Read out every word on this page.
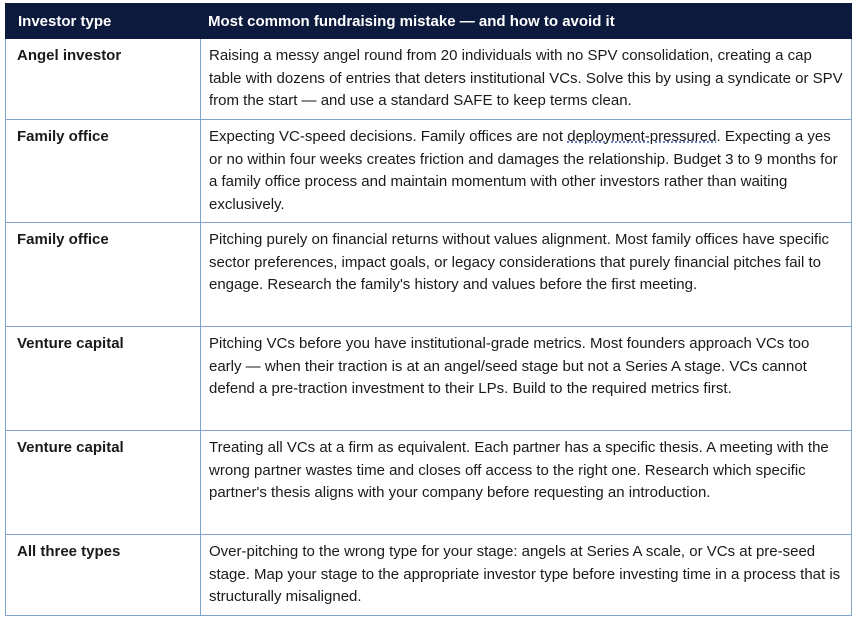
Investor type	Most common fundraising mistake — and how to avoid it
Angel investor	Raising a messy angel round from 20 individuals with no SPV consolidation, creating a cap table with dozens of entries that deters institutional VCs. Solve this by using a syndicate or SPV from the start — and use a standard SAFE to keep terms clean.
Family office	Expecting VC-speed decisions. Family offices are not deployment-pressured. Expecting a yes or no within four weeks creates friction and damages the relationship. Budget 3 to 9 months for a family office process and maintain momentum with other investors rather than waiting exclusively.
Family office	Pitching purely on financial returns without values alignment. Most family offices have specific sector preferences, impact goals, or legacy considerations that purely financial pitches fail to engage. Research the family's history and values before the first meeting.
Venture capital	Pitching VCs before you have institutional-grade metrics. Most founders approach VCs too early — when their traction is at an angel/seed stage but not a Series A stage. VCs cannot defend a pre-traction investment to their LPs. Build to the required metrics first.
Venture capital	Treating all VCs at a firm as equivalent. Each partner has a specific thesis. A meeting with the wrong partner wastes time and closes off access to the right one. Research which specific partner's thesis aligns with your company before requesting an introduction.
All three types	Over-pitching to the wrong type for your stage: angels at Series A scale, or VCs at pre-seed stage. Map your stage to the appropriate investor type before investing time in a process that is structurally misaligned.
